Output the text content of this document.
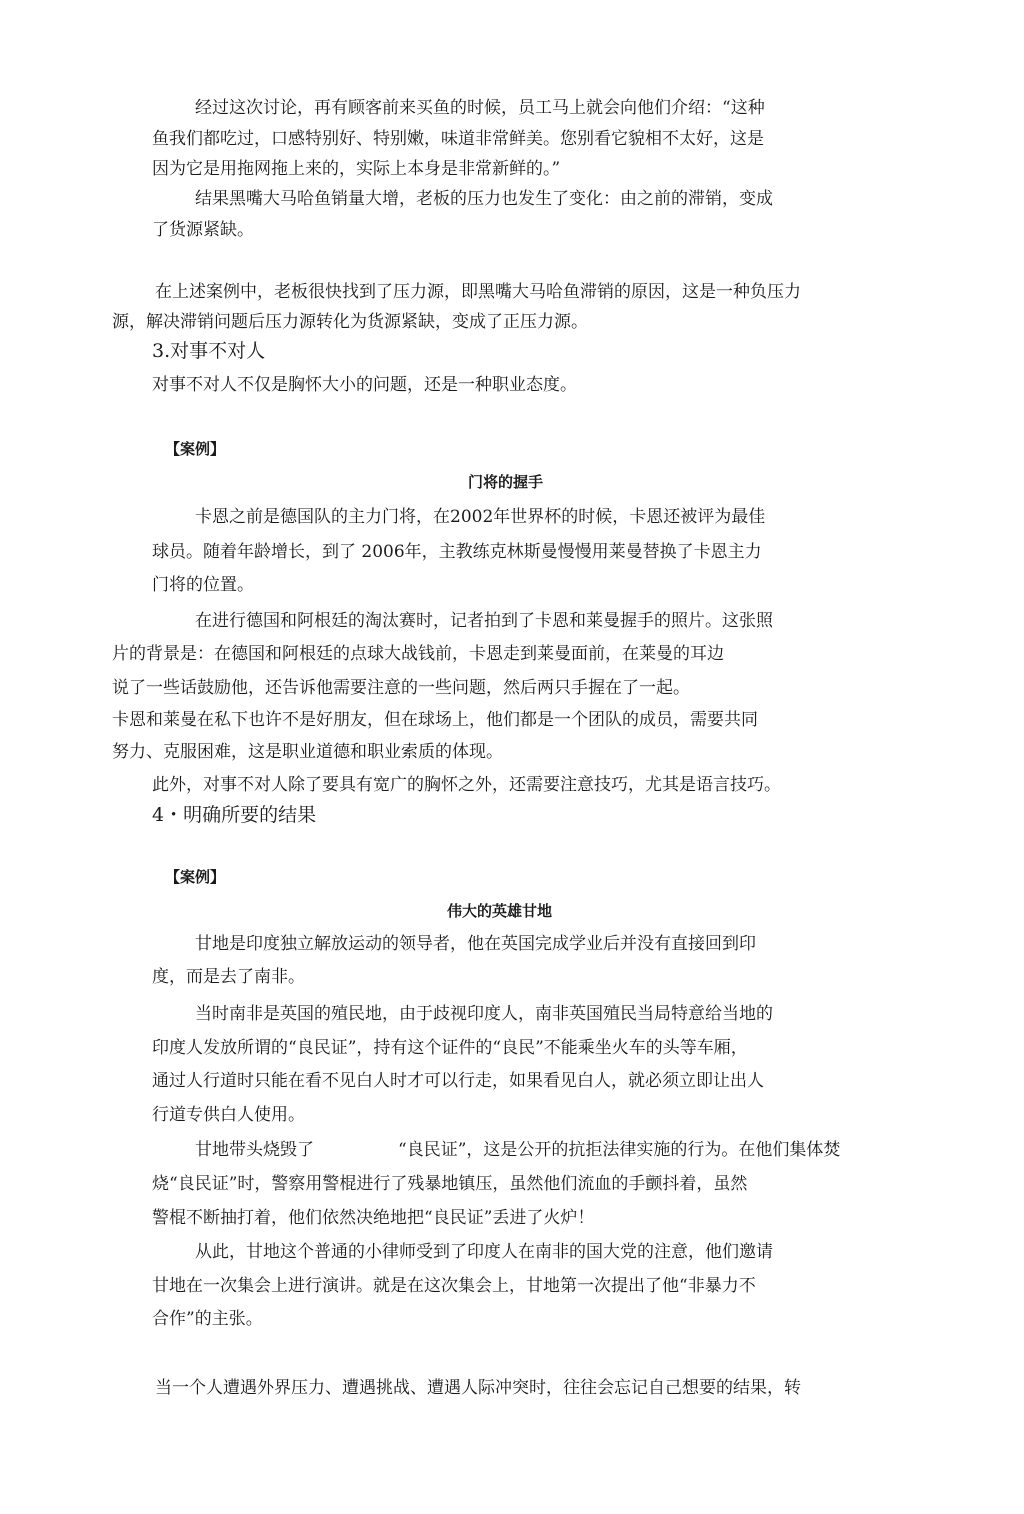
经过这次讨论，再有顾客前来买鱼的时候，员工马上就会向他们介绍：“这种
鱼我们都吃过，口感特别好、特别嫩，味道非常鲜美。您别看它貌相不太好，这是
因为它是用拖网拖上来的，实际上本身是非常新鲜的。”
结果黑嘴大马哈鱼销量大增，老板的压力也发生了变化：由之前的滞销，变成
了货源紧缺。
在上述案例中，老板很快找到了压力源，即黑嘴大马哈鱼滞销的原因，这是一种负压力
源，解决滞销问题后压力源转化为货源紧缺，变成了正压力源。
3.对事不对人
对事不对人不仅是胸怀大小的问题，还是一种职业态度。
【案例】
门将的握手
卡恩之前是德国队的主力门将，在2002年世界杯的时候，卡恩还被评为最佳
球员。随着年龄增长，到了 2006年，主教练克林斯曼慢慢用莱曼替换了卡恩主力
门将的位置。
在进行德国和阿根廷的淘汰赛时，记者拍到了卡恩和莱曼握手的照片。这张照
片的背景是：在德国和阿根廷的点球大战钱前，卡恩走到莱曼面前，在莱曼的耳边
说了一些话鼓励他，还告诉他需要注意的一些问题，然后两只手握在了一起。
卡恩和莱曼在私下也许不是好朋友，但在球场上，他们都是一个团队的成员，需要共同
努力、克服困难，这是职业道德和职业索质的体现。
此外，对事不对人除了要具有宽广的胸怀之外，还需要注意技巧，尤其是语言技巧。
4・明确所要的结果
【案例】
伟大的英雄甘地
甘地是印度独立解放运动的领导者，他在英国完成学业后并没有直接回到印
度，而是去了南非。
当时南非是英国的殖民地，由于歧视印度人，南非英国殖民当局特意给当地的
印度人发放所谓的“良民证”，持有这个证件的“良民”不能乘坐火车的头等车厢，
通过人行道时只能在看不见白人时才可以行走，如果看见白人，就必须立即让出人
行道专供白人使用。
甘地带头烧毁了	“良民证”，这是公开的抗拒法律实施的行为。在他们集体焚
烧“良民证”时，警察用警棍进行了残暴地镇压，虽然他们流血的手颤抖着，虽然
警棍不断抽打着，他们依然决绝地把“良民证”丢进了火炉！
从此，甘地这个普通的小律师受到了印度人在南非的国大党的注意，他们邀请
甘地在一次集会上进行演讲。就是在这次集会上，甘地第一次提出了他“非暴力不
合作”的主张。
当一个人遭遇外界压力、遭遇挑战、遭遇人际冲突时，往往会忘记自己想要的结果，转
